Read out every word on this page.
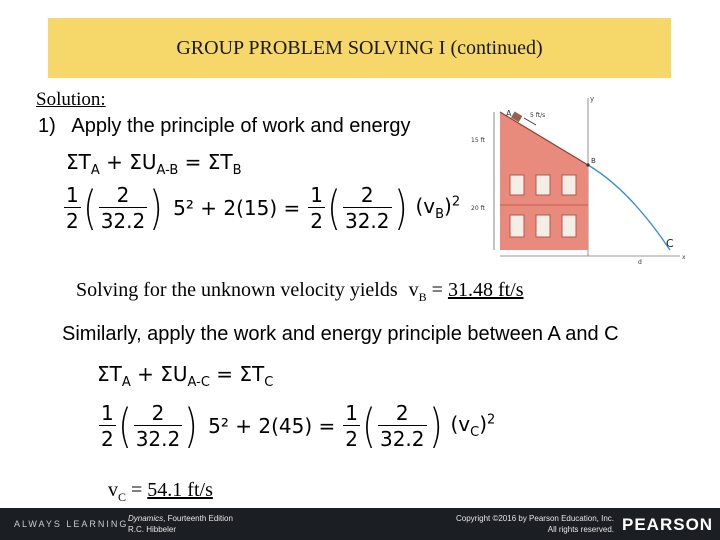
GROUP PROBLEM SOLVING I (continued)
Solution:
1) Apply the principle of work and energy
$\Sigma T_A + \Sigma U_{A-B} = \Sigma T_B$
$\frac{1}{2}$ ( $\frac{2}{32.2}$ ) $5^2 + 2(15) = \frac{1}{2}$ ( $\frac{2}{32.2}$ ) $(v_B)^2$
y
A	5 ft/s
15 ft
20 ft
B
C
d
x
Solving for the unknown velocity yields $v_B = 31.48$ ft/s
Similarly, apply the work and energy principle between A and C
$\Sigma T_A + \Sigma U_{A-C} = \Sigma T_C$
$\frac{1}{2}$ ( $\frac{2}{32.2}$ ) $5^2 + 2(45) = \frac{1}{2}$ ( $\frac{2}{32.2}$ ) $(v_C)^2$
$v_C = 54.1$ ft/s
ALWAYS LEARNING
Dynamics, Fourteenth Edition
R.C. Hibbeler
Copyright ©2016 by Pearson Education, Inc.
All rights reserved. PEARSON
